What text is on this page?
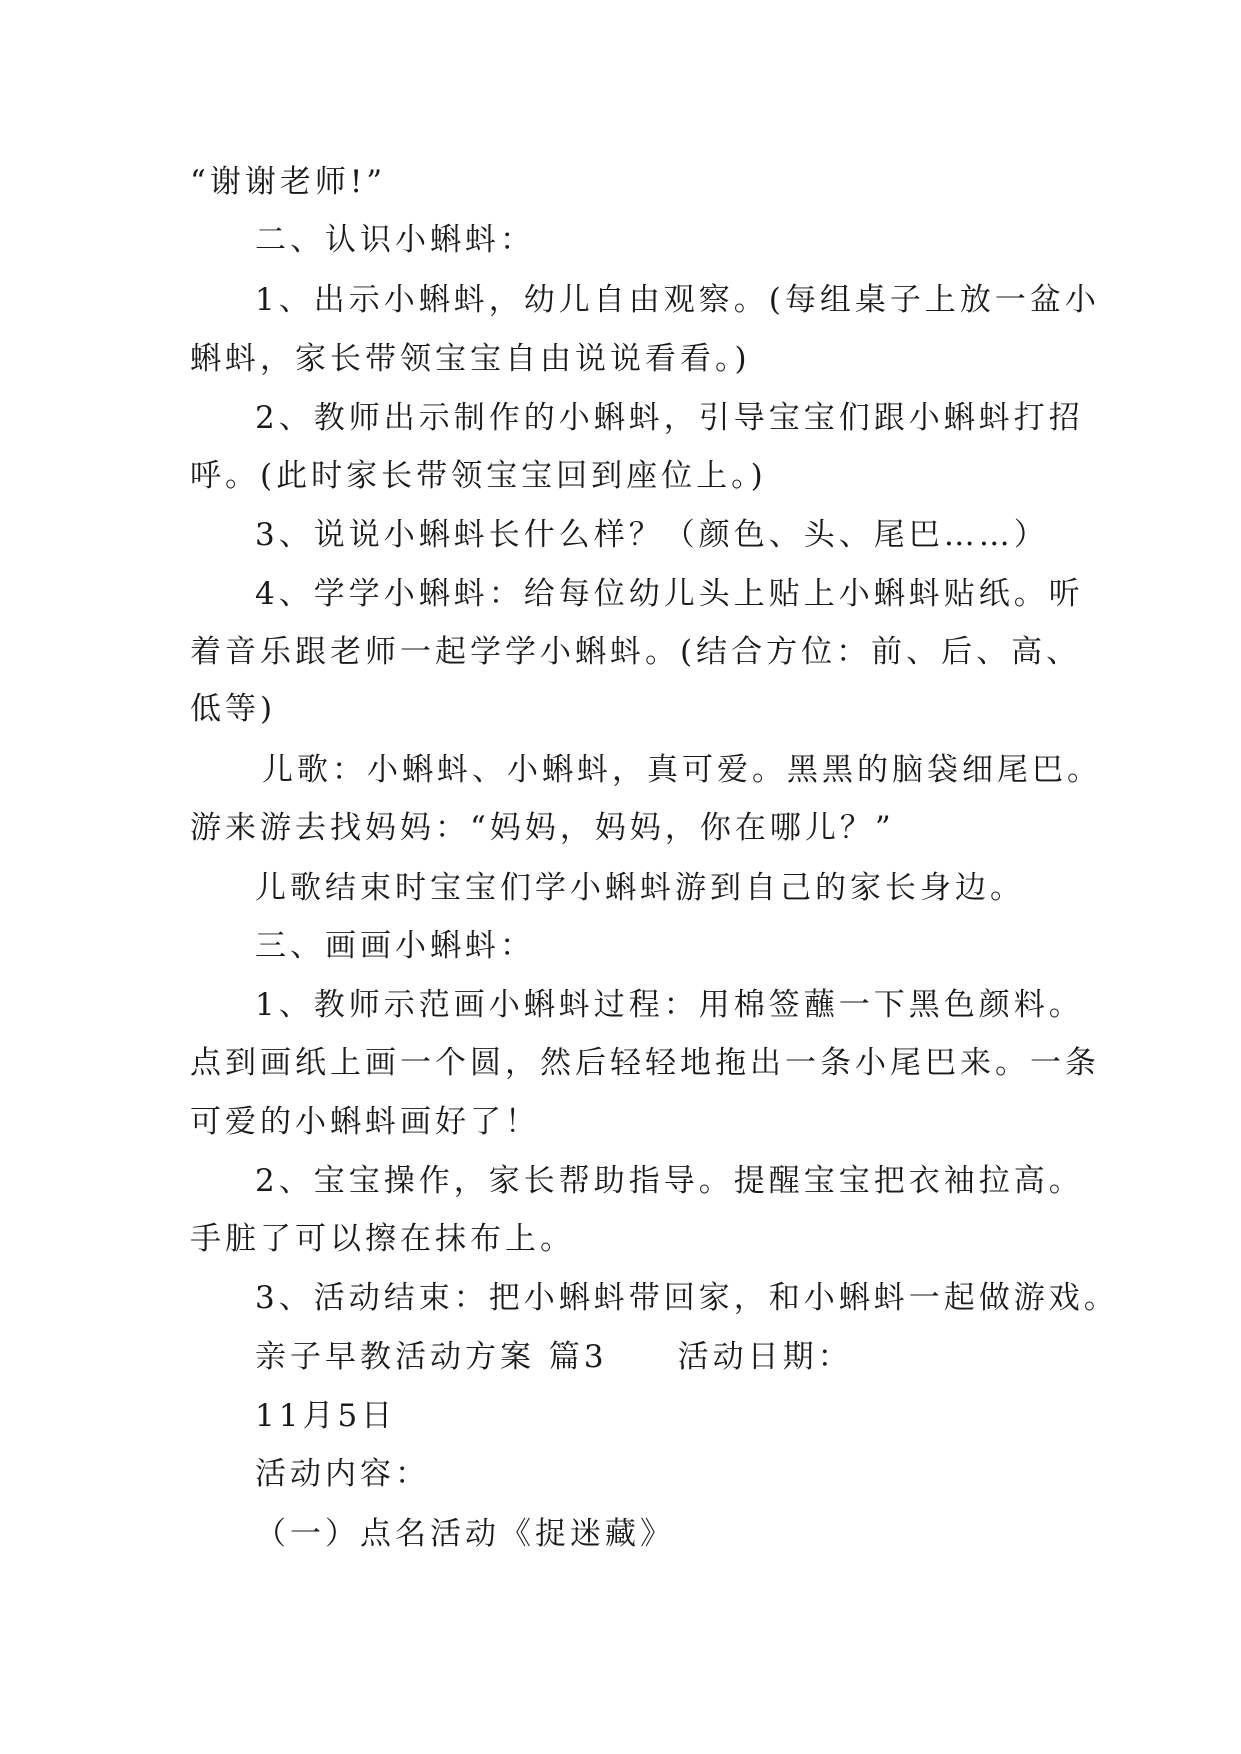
“谢谢老师!”
二、认识小蝌蚪：
1、出示小蝌蚪，幼儿自由观察。(每组桌子上放一盆小
蝌蚪，家长带领宝宝自由说说看看。)
2、教师出示制作的小蝌蚪，引导宝宝们跟小蝌蚪打招
呼。(此时家长带领宝宝回到座位上。)
3、说说小蝌蚪长什么样？（颜色、头、尾巴……）
4、学学小蝌蚪：给每位幼儿头上贴上小蝌蚪贴纸。听
着音乐跟老师一起学学小蝌蚪。(结合方位：前、后、高、
低等)
儿歌：小蝌蚪、小蝌蚪，真可爱。黑黑的脑袋细尾巴。
游来游去找妈妈：“妈妈，妈妈，你在哪儿？”
儿歌结束时宝宝们学小蝌蚪游到自己的家长身边。
三、画画小蝌蚪：
1、教师示范画小蝌蚪过程：用棉签蘸一下黑色颜料。
点到画纸上画一个圆，然后轻轻地拖出一条小尾巴来。一条
可爱的小蝌蚪画好了！
2、宝宝操作，家长帮助指导。提醒宝宝把衣袖拉高。
手脏了可以擦在抹布上。
3、活动结束：把小蝌蚪带回家，和小蝌蚪一起做游戏。
亲子早教活动方案 篇3　　活动日期：
11月5日
活动内容：
（一）点名活动《捉迷藏》
